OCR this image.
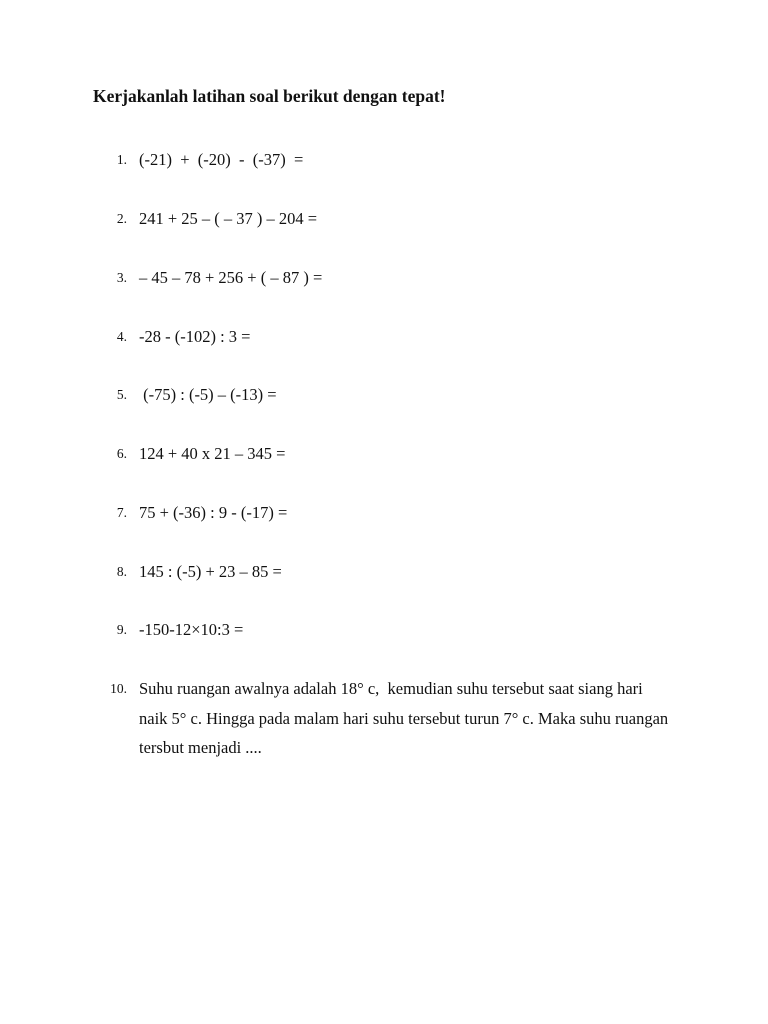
Kerjakanlah latihan soal berikut dengan tepat!
1. (-21)  +  (-20)  -  (-37)  =
2. 241 + 25 – ( – 37 ) – 204 =
3. – 45 – 78 + 256 + ( – 87 ) =
4. -28 - (-102) : 3 =
5. (-75) : (-5) – (-13) =
6. 124 + 40 x 21 – 345 =
7. 75 + (-36) : 9 - (-17) =
8. 145 : (-5) + 23 – 85 =
9. -150-12×10:3 =
10. Suhu ruangan awalnya adalah 18° c,  kemudian suhu tersebut saat siang hari naik 5° c. Hingga pada malam hari suhu tersebut turun 7° c. Maka suhu ruangan tersbut menjadi ....
